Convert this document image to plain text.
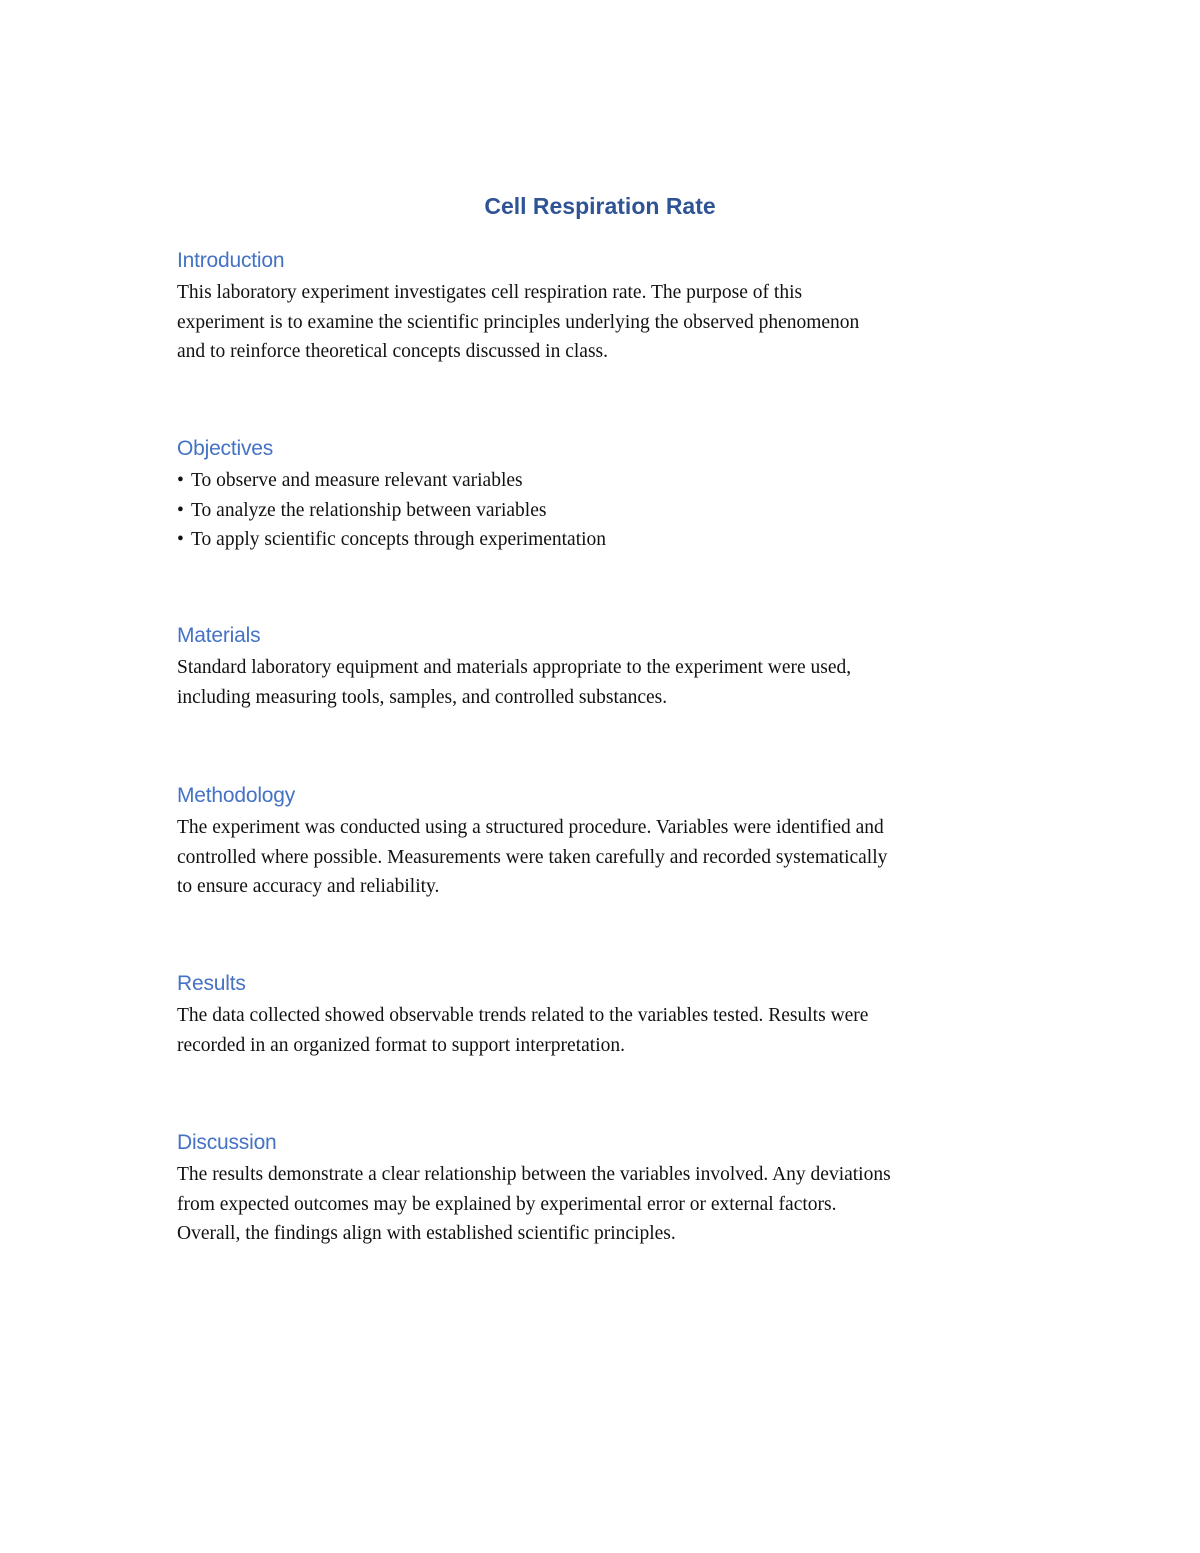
Cell Respiration Rate
Introduction

This laboratory experiment investigates cell respiration rate. The purpose of this
experiment is to examine the scientific principles underlying the observed phenomenon
and to reinforce theoretical concepts discussed in class.

Objectives
• To observe and measure relevant variables
• To analyze the relationship between variables
• To apply scientific concepts through experimentation
Materials

Standard laboratory equipment and materials appropriate to the experiment were used,
including measuring tools, samples, and controlled substances.

Methodology

The experiment was conducted using a structured procedure. Variables were identified and
controlled where possible. Measurements were taken carefully and recorded systematically
to ensure accuracy and reliability.

Results

The data collected showed observable trends related to the variables tested. Results were
recorded in an organized format to support interpretation.

Discussion

The results demonstrate a clear relationship between the variables involved. Any deviations
from expected outcomes may be explained by experimental error or external factors.
Overall, the findings align with established scientific principles.
